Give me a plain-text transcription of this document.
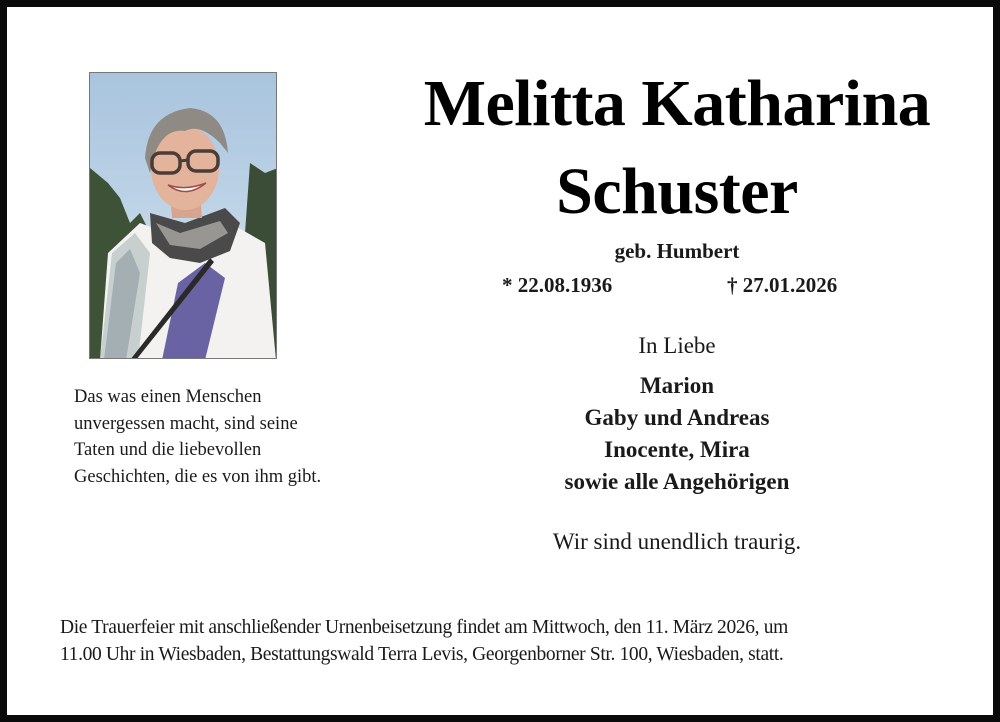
Melitta Katharina
Schuster
geb. Humbert
* 22.08.1936	† 27.01.2026
In Liebe
Marion
Gaby und Andreas
Inocente, Mira
sowie alle Angehörigen
Wir sind unendlich traurig.
Das was einen Menschen
unvergessen macht, sind seine
Taten und die liebevollen
Geschichten, die es von ihm gibt.
Die Trauerfeier mit anschließender Urnenbeisetzung findet am Mittwoch, den 11. März 2026, um
11.00 Uhr in Wiesbaden, Bestattungswald Terra Levis, Georgenborner Str. 100, Wiesbaden, statt.
